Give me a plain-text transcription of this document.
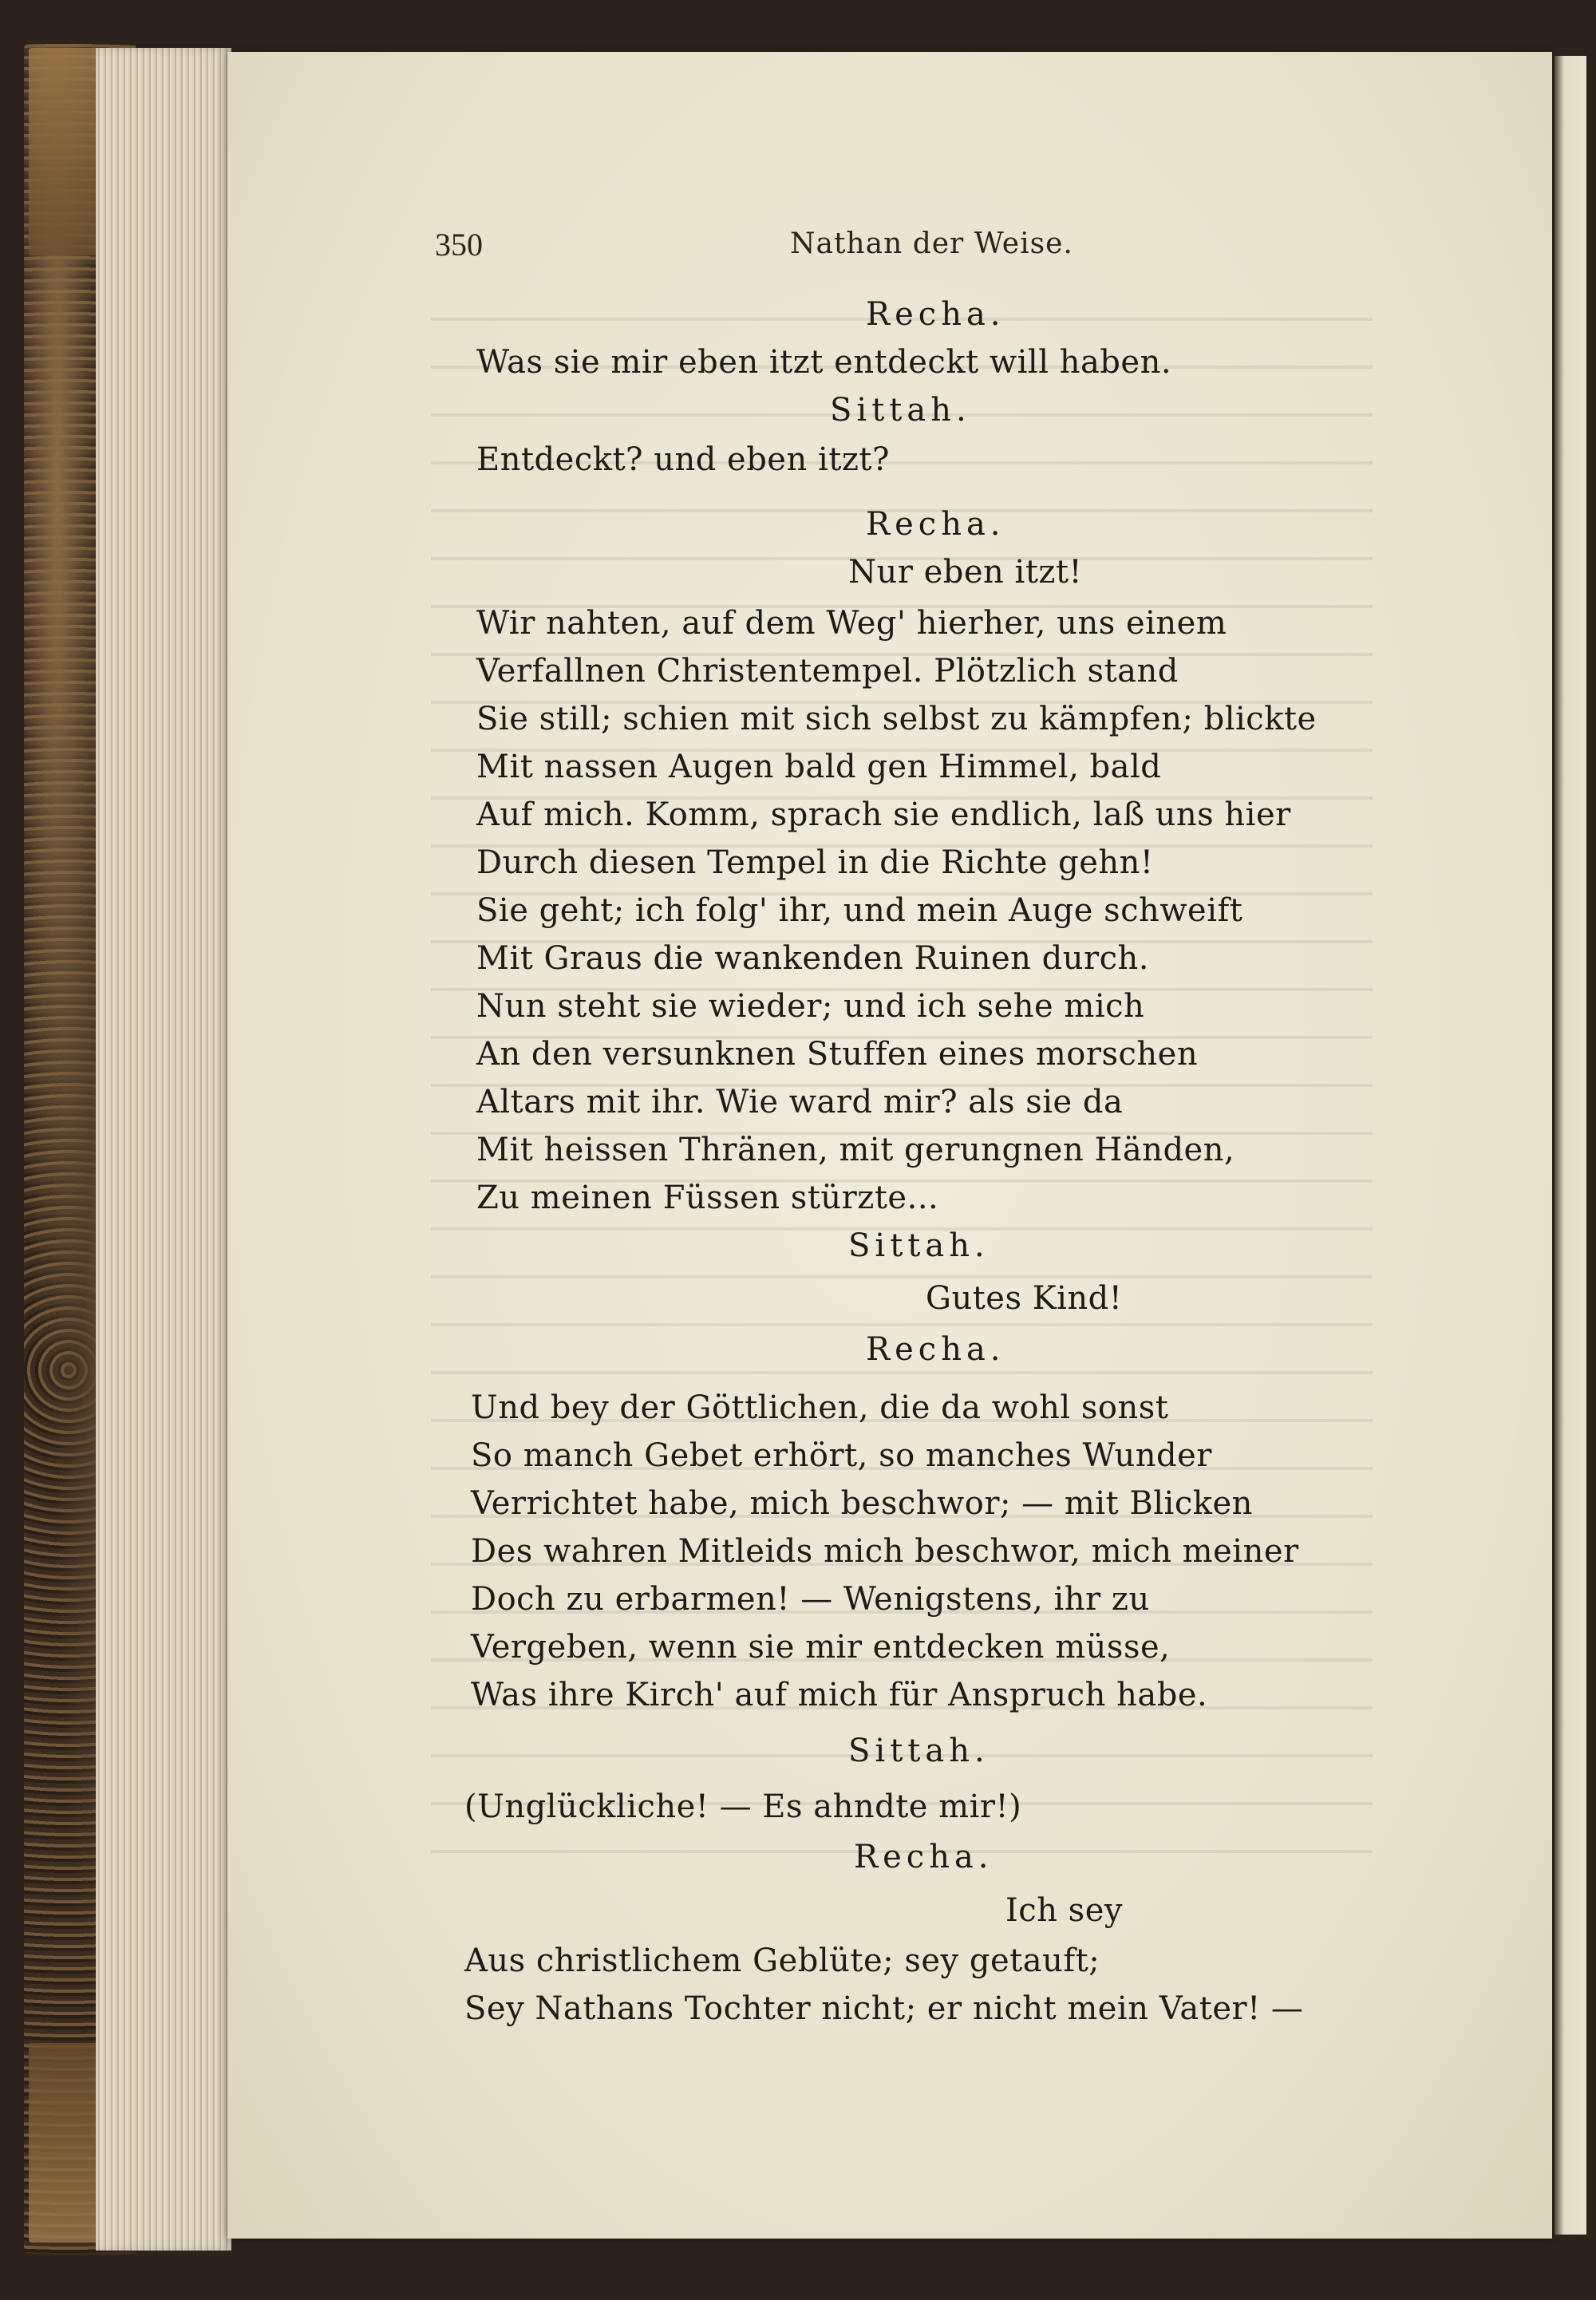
350	Nathan der Weise.
Recha.
Was sie mir eben itzt entdeckt will haben.
Sittah.
Entdeckt? und eben itzt?
Recha.
Nur eben itzt!
Wir nahten, auf dem Weg' hierher, uns einem
Verfallnen Christentempel. Plötzlich stand
Sie still; schien mit sich selbst zu kämpfen; blickte
Mit nassen Augen bald gen Himmel, bald
Auf mich. Komm, sprach sie endlich, laß uns hier
Durch diesen Tempel in die Richte gehn!
Sie geht; ich folg' ihr, und mein Auge schweift
Mit Graus die wankenden Ruinen durch.
Nun steht sie wieder; und ich sehe mich
An den versunknen Stuffen eines morschen
Altars mit ihr. Wie ward mir? als sie da
Mit heissen Thränen, mit gerungnen Händen,
Zu meinen Füssen stürzte...
Sittah.
Gutes Kind!
Recha.
Und bey der Göttlichen, die da wohl sonst
So manch Gebet erhört, so manches Wunder
Verrichtet habe, mich beschwor; — mit Blicken
Des wahren Mitleids mich beschwor, mich meiner
Doch zu erbarmen! — Wenigstens, ihr zu
Vergeben, wenn sie mir entdecken müsse,
Was ihre Kirch' auf mich für Anspruch habe.
Sittah.
(Unglückliche! — Es ahndte mir!)
Recha.
Ich sey
Aus christlichem Geblüte; sey getauft;
Sey Nathans Tochter nicht; er nicht mein Vater! —
